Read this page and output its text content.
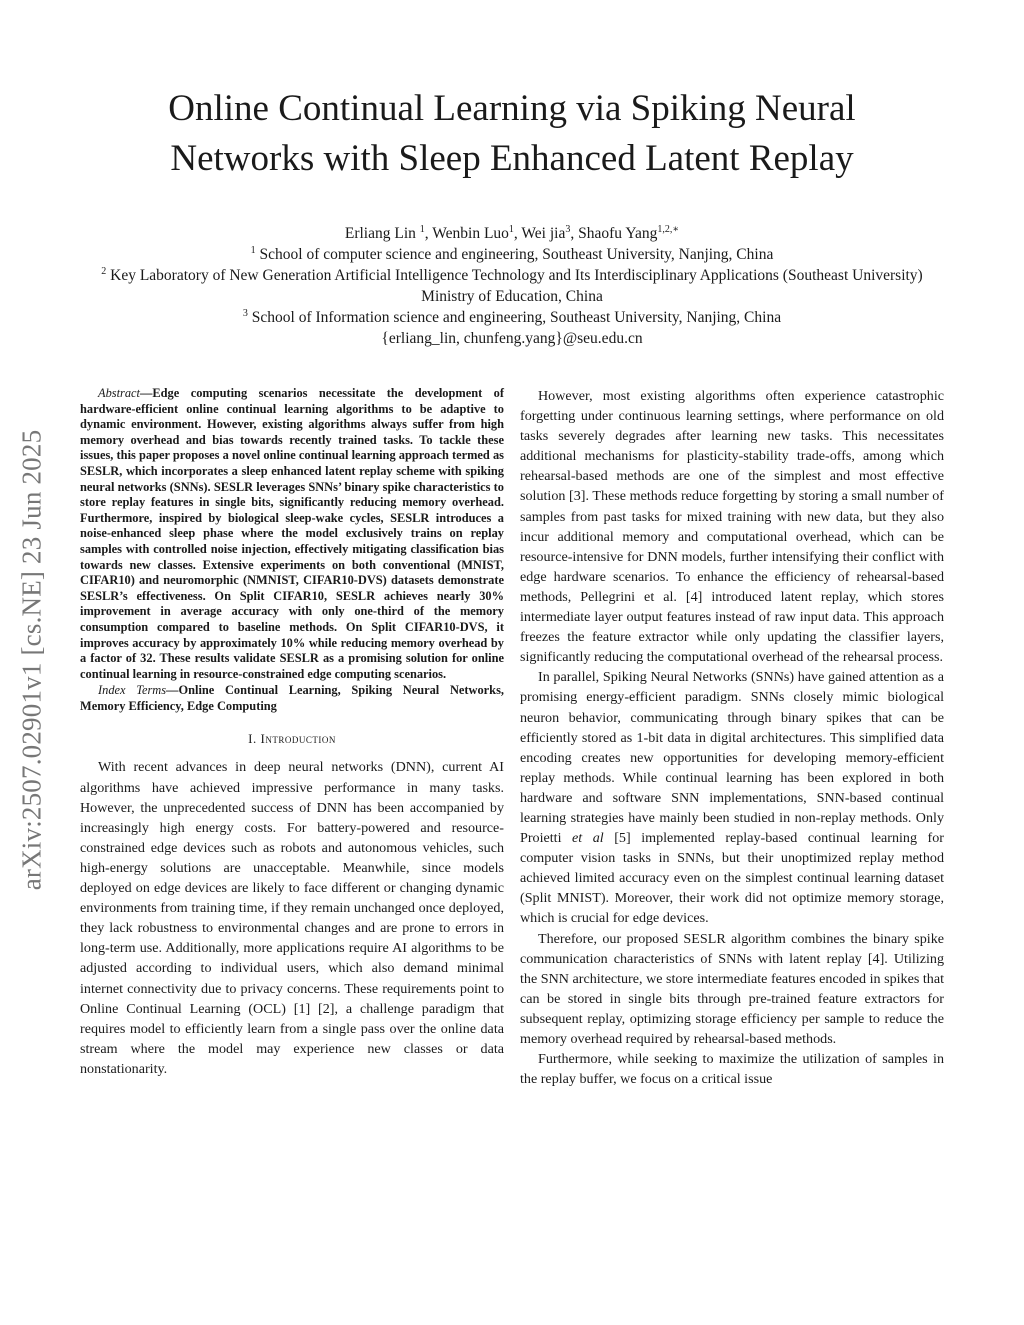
arXiv:2507.02901v1 [cs.NE] 23 Jun 2025
Online Continual Learning via Spiking Neural
Networks with Sleep Enhanced Latent Replay
Erliang Lin $^1$, Wenbin Luo$^1$, Wei jia$^3$, Shaofu Yang$^{1,2,∗}$
$^1$ School of computer science and engineering, Southeast University, Nanjing, China
$^2$ Key Laboratory of New Generation Artificial Intelligence Technology and Its Interdisciplinary Applications (Southeast University)
Ministry of Education, China
$^3$ School of Information science and engineering, Southeast University, Nanjing, China
{erliang_lin, chunfeng.yang}@seu.edu.cn

Abstract—Edge computing scenarios necessitate the development of hardware-efficient online continual learning algorithms to be adaptive to dynamic environment. However, existing algorithms always suffer from high memory overhead and bias towards recently trained tasks. To tackle these issues, this paper proposes a novel online continual learning approach termed as SESLR, which incorporates a sleep enhanced latent replay scheme with spiking neural networks (SNNs). SESLR leverages SNNs’ binary spike characteristics to store replay features in single bits, significantly reducing memory overhead. Furthermore, inspired by biological sleep-wake cycles, SESLR introduces a noise-enhanced sleep phase where the model exclusively trains on replay samples with controlled noise injection, effectively mitigating classification bias towards new classes. Extensive experiments on both conventional (MNIST, CIFAR10) and neuromorphic (NMNIST, CIFAR10-DVS) datasets demonstrate SESLR’s effectiveness. On Split CIFAR10, SESLR achieves nearly 30% improvement in average accuracy with only one-third of the memory consumption compared to baseline methods. On Split CIFAR10-DVS, it improves accuracy by approximately 10% while reducing memory overhead by a factor of 32. These results validate SESLR as a promising solution for online continual learning in resource-constrained edge computing scenarios.

Index Terms—Online Continual Learning, Spiking Neural Networks, Memory Efficiency, Edge Computing

I. Introduction

With recent advances in deep neural networks (DNN), current AI algorithms have achieved impressive performance in many tasks. However, the unprecedented success of DNN has been accompanied by increasingly high energy costs. For battery-powered and resource-constrained edge devices such as robots and autonomous vehicles, such high-energy solutions are unacceptable. Meanwhile, since models deployed on edge devices are likely to face different or changing dynamic environments from training time, if they remain unchanged once deployed, they lack robustness to environmental changes and are prone to errors in long-term use. Additionally, more applications require AI algorithms to be adjusted according to individual users, which also demand minimal internet connectivity due to privacy concerns. These requirements point to Online Continual Learning (OCL) [1] [2], a challenge paradigm that requires model to efficiently learn from a single pass over the online data stream where the model may experience new classes or data nonstationarity.

However, most existing algorithms often experience catastrophic forgetting under continuous learning settings, where performance on old tasks severely degrades after learning new tasks. This necessitates additional mechanisms for plasticity-stability trade-offs, among which rehearsal-based methods are one of the simplest and most effective solution [3]. These methods reduce forgetting by storing a small number of samples from past tasks for mixed training with new data, but they also incur additional memory and computational overhead, which can be resource-intensive for DNN models, further intensifying their conflict with edge hardware scenarios. To enhance the efficiency of rehearsal-based methods, Pellegrini et al. [4] introduced latent replay, which stores intermediate layer output features instead of raw input data. This approach freezes the feature extractor while only updating the classifier layers, significantly reducing the computational overhead of the rehearsal process.

In parallel, Spiking Neural Networks (SNNs) have gained attention as a promising energy-efficient paradigm. SNNs closely mimic biological neuron behavior, communicating through binary spikes that can be efficiently stored as 1-bit data in digital architectures. This simplified data encoding creates new opportunities for developing memory-efficient replay methods. While continual learning has been explored in both hardware and software SNN implementations, SNN-based continual learning strategies have mainly been studied in non-replay methods. Only Proietti et al [5] implemented replay-based continual learning for computer vision tasks in SNNs, but their unoptimized replay method achieved limited accuracy even on the simplest continual learning dataset (Split MNIST). Moreover, their work did not optimize memory storage, which is crucial for edge devices.

Therefore, our proposed SESLR algorithm combines the binary spike communication characteristics of SNNs with latent replay [4]. Utilizing the SNN architecture, we store intermediate features encoded in spikes that can be stored in single bits through pre-trained feature extractors for subsequent replay, optimizing storage efficiency per sample to reduce the memory overhead required by rehearsal-based methods.

Furthermore, while seeking to maximize the utilization of samples in the replay buffer, we focus on a critical issue
